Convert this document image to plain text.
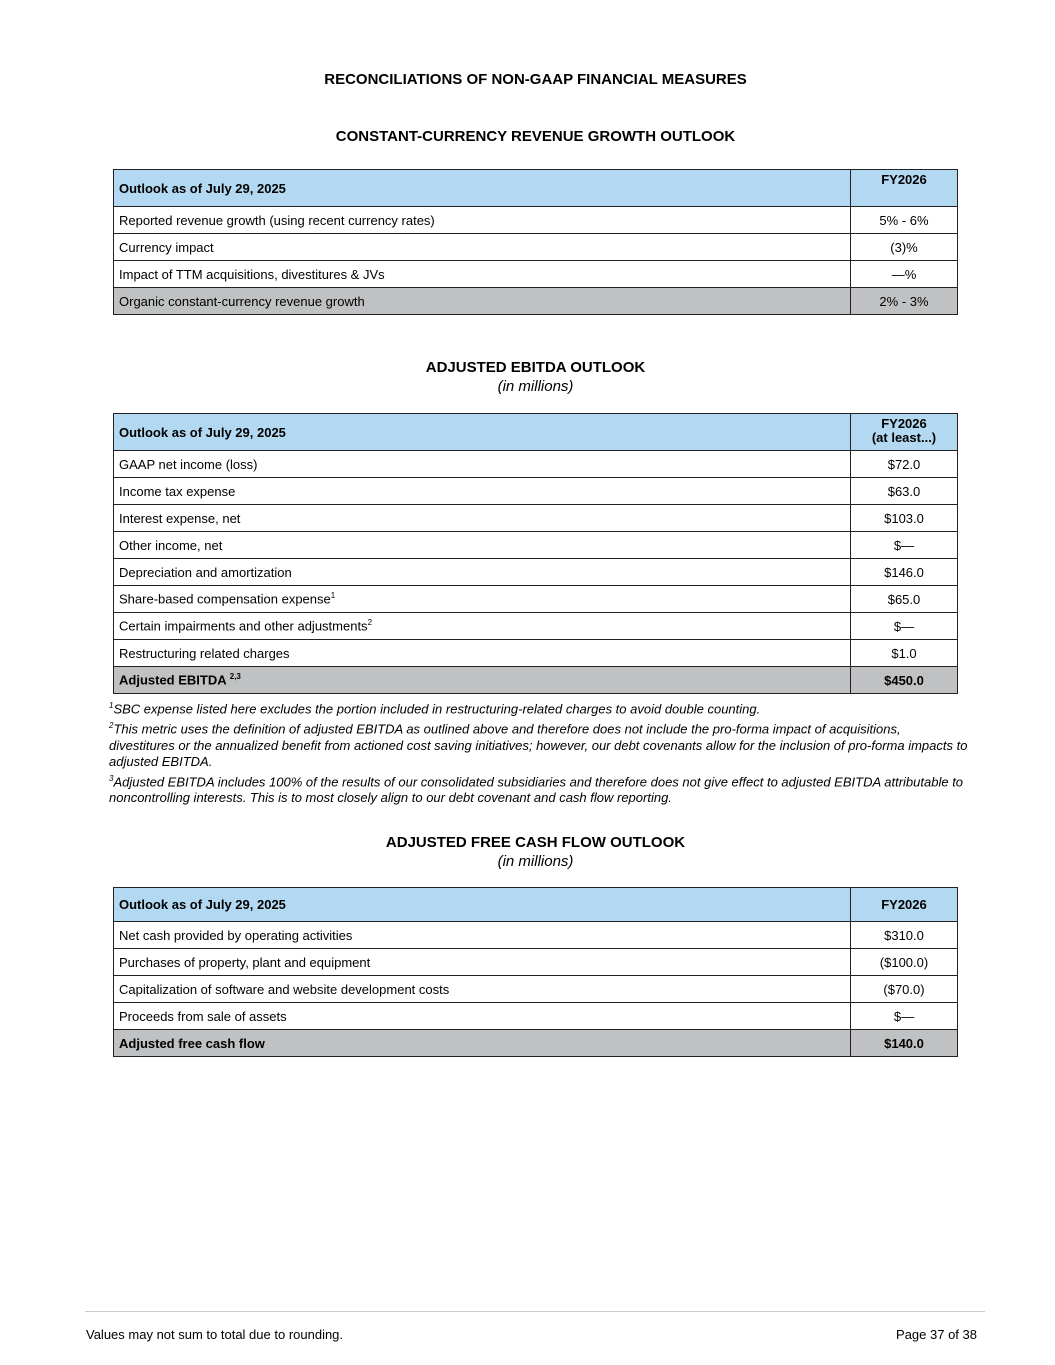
RECONCILIATIONS OF NON-GAAP FINANCIAL MEASURES
CONSTANT-CURRENCY REVENUE GROWTH OUTLOOK
Outlook as of July 29, 2025	FY2026
Reported revenue growth (using recent currency rates)	5% - 6%
Currency impact	(3)%
Impact of TTM acquisitions, divestitures & JVs	—%
Organic constant-currency revenue growth	2% - 3%
ADJUSTED EBITDA OUTLOOK
(in millions)
Outlook as of July 29, 2025	FY2026
(at least...)
GAAP net income (loss)	$72.0
Income tax expense	$63.0
Interest expense, net	$103.0
Other income, net	$—
Depreciation and amortization	$146.0
Share-based compensation expense$^1$	$65.0
Certain impairments and other adjustments$^2$	$—
Restructuring related charges	$1.0
Adjusted EBITDA $^{2,3}$	$450.0
$^1$SBC expense listed here excludes the portion included in restructuring-related charges to avoid double counting.
$^2$This metric uses the definition of adjusted EBITDA as outlined above and therefore does not include the pro-forma impact of acquisitions, divestitures or the annualized benefit from actioned cost saving initiatives; however, our debt covenants allow for the inclusion of pro-forma impacts to adjusted EBITDA.
$^3$Adjusted EBITDA includes 100% of the results of our consolidated subsidiaries and therefore does not give effect to adjusted EBITDA attributable to noncontrolling interests. This is to most closely align to our debt covenant and cash flow reporting.
ADJUSTED FREE CASH FLOW OUTLOOK
(in millions)
Outlook as of July 29, 2025	FY2026
Net cash provided by operating activities	$310.0
Purchases of property, plant and equipment	($100.0)
Capitalization of software and website development costs	($70.0)
Proceeds from sale of assets	$—
Adjusted free cash flow	$140.0
Values may not sum to total due to rounding.	Page 37 of 38
